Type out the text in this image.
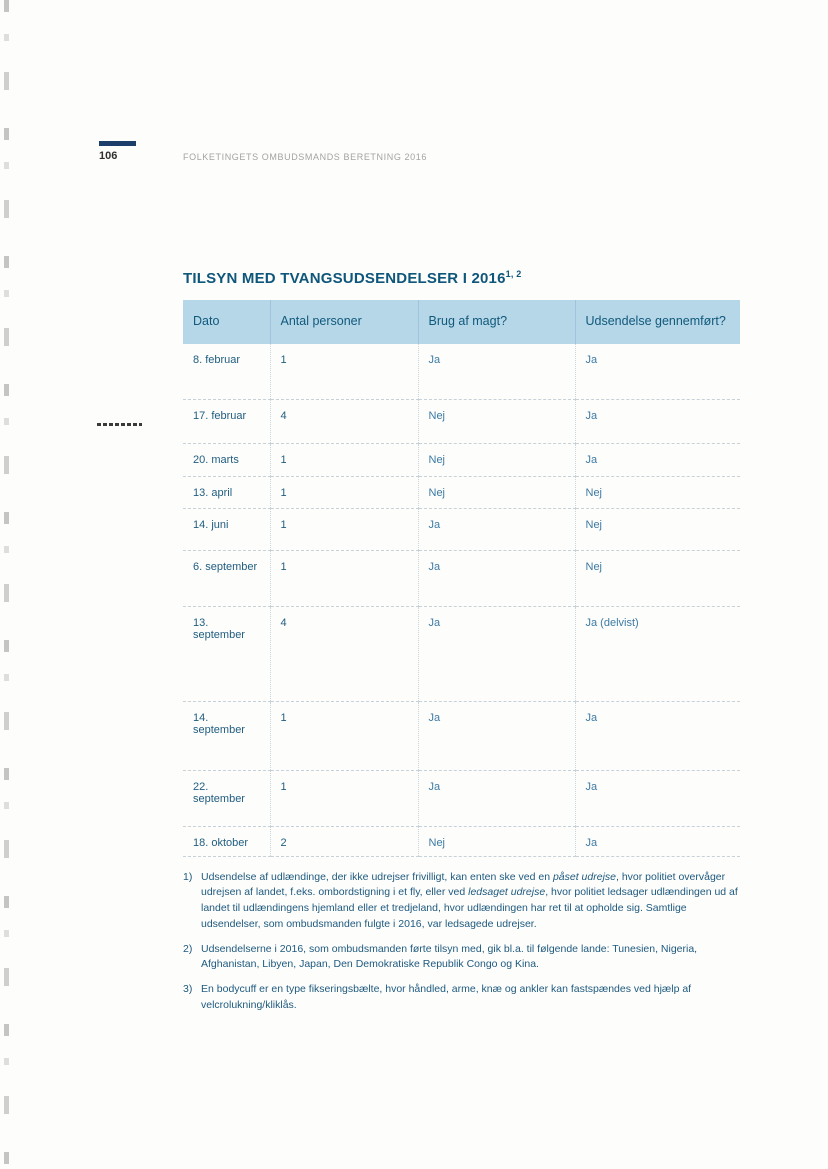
106	FOLKETINGETS OMBUDSMANDS BERETNING 2016
TILSYN MED TVANGSUDSENDELSER I 2016$^{1, 2}$
Dato	Antal personer	Brug af magt?	Udsendelse gennemført?
8. februar	1	Ja	Ja
17. februar	4	Nej	Ja
20. marts	1	Nej	Ja
13. april	1	Nej	Nej
14. juni	1	Ja	Nej
6. september	1	Ja	Nej
13. september	4	Ja	Ja (delvist)
14. september	1	Ja	Ja
22. september	1	Ja	Ja
18. oktober	2	Nej	Ja
1) Udsendelse af udlændinge, der ikke udrejser frivilligt, kan enten ske ved en påset udrejse, hvor politiet overvåger udrejsen af landet, f.eks. ombordstigning i et fly, eller ved ledsaget udrejse, hvor politiet ledsager udlændingen ud af landet til udlændingens hjemland eller et tredjeland, hvor udlændingen har ret til at opholde sig. Samtlige udsendelser, som ombudsmanden fulgte i 2016, var ledsagede udrejser.
2) Udsendelserne i 2016, som ombudsmanden førte tilsyn med, gik bl.a. til følgende lande: Tunesien, Nigeria, Afghanistan, Libyen, Japan, Den Demokratiske Republik Congo og Kina.
3) En bodycuff er en type fikseringsbælte, hvor håndled, arme, knæ og ankler kan fastspændes ved hjælp af velcrolukning/kliklås.
